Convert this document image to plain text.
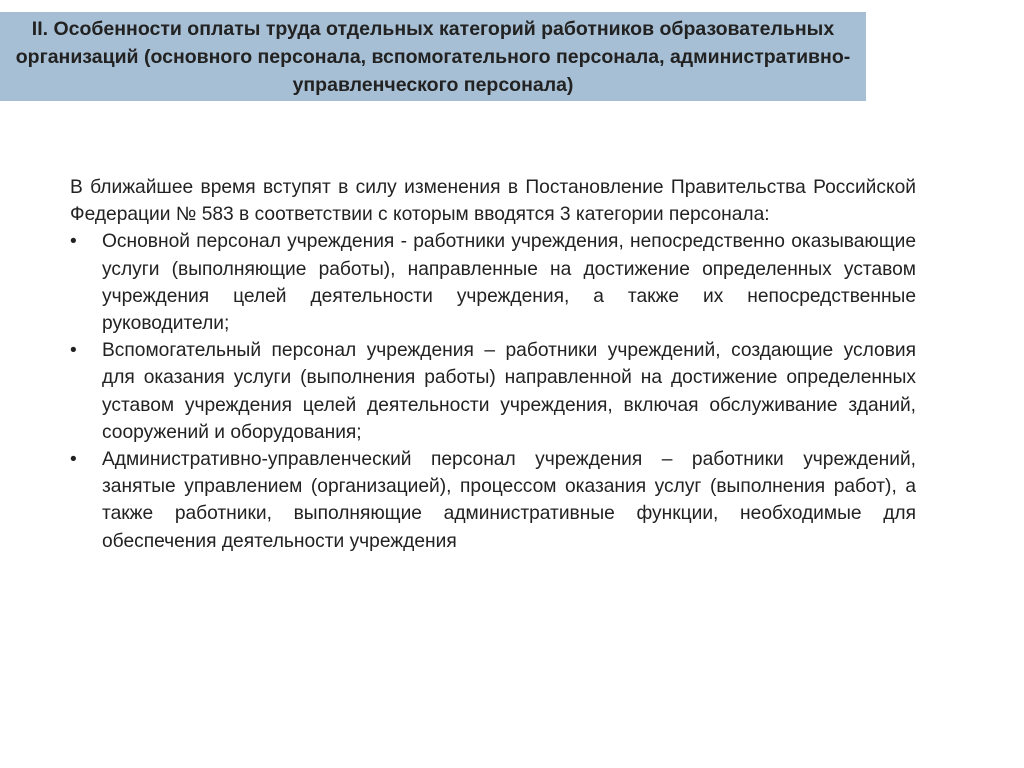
II. Особенности оплаты труда отдельных категорий работников образовательных организаций (основного персонала, вспомогательного персонала, административно-управленческого персонала)

В ближайшее время вступят в силу изменения в Постановление Правительства Российской Федерации № 583 в соответствии с которым вводятся 3 категории персонала:

•	Основной персонал учреждения - работники учреждения, непосредственно оказывающие услуги (выполняющие работы), направленные на достижение определенных уставом учреждения целей деятельности учреждения, а также их непосредственные руководители;
•	Вспомогательный персонал учреждения – работники учреждений, создающие условия для оказания услуги (выполнения работы) направленной на достижение определенных уставом учреждения целей деятельности учреждения, включая обслуживание зданий, сооружений и оборудования;
•	Административно-управленческий персонал учреждения – работники учреждений, занятые управлением (организацией), процессом оказания услуг (выполнения работ), а также работники, выполняющие административные функции, необходимые для обеспечения деятельности учреждения
